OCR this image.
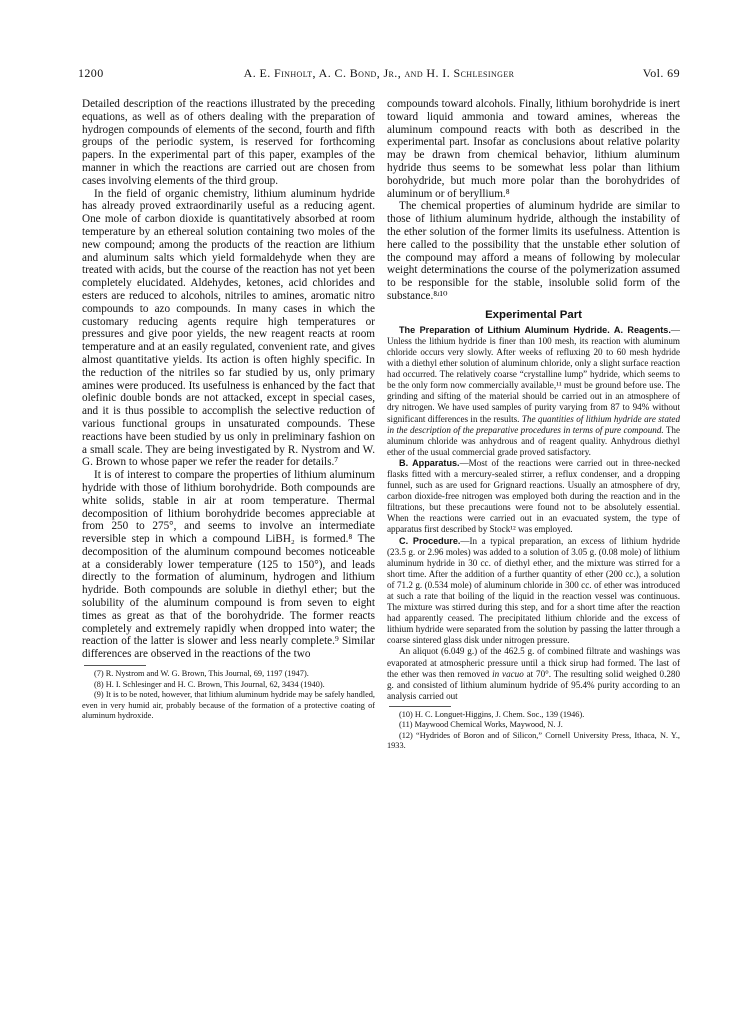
1200	A. E. Finholt, A. C. Bond, Jr., and H. I. Schlesinger	Vol. 69

Detailed description of the reactions illustrated by the preceding equations, as well as of others dealing with the preparation of hydrogen compounds of elements of the second, fourth and fifth groups of the periodic system, is reserved for forthcoming papers. In the experimental part of this paper, examples of the manner in which the reactions are carried out are chosen from cases involving elements of the third group.

In the field of organic chemistry, lithium aluminum hydride has already proved extraordinarily useful as a reducing agent. One mole of carbon dioxide is quantitatively absorbed at room temperature by an ethereal solution containing two moles of the new compound; among the products of the reaction are lithium and aluminum salts which yield formaldehyde when they are treated with acids, but the course of the reaction has not yet been completely elucidated. Aldehydes, ketones, acid chlorides and esters are reduced to alcohols, nitriles to amines, aromatic nitro compounds to azo compounds. In many cases in which the customary reducing agents require high temperatures or pressures and give poor yields, the new reagent reacts at room temperature and at an easily regulated, convenient rate, and gives almost quantitative yields. Its action is often highly specific. In the reduction of the nitriles so far studied by us, only primary amines were produced. Its usefulness is enhanced by the fact that olefinic double bonds are not attacked, except in special cases, and it is thus possible to accomplish the selective reduction of various functional groups in unsaturated compounds. These reactions have been studied by us only in preliminary fashion on a small scale. They are being investigated by R. Nystrom and W. G. Brown to whose paper we refer the reader for details.⁷

It is of interest to compare the properties of lithium aluminum hydride with those of lithium borohydride. Both compounds are white solids, stable in air at room temperature. Thermal decomposition of lithium borohydride becomes appreciable at from 250 to 275°, and seems to involve an intermediate reversible step in which a compound LiBH₂ is formed.⁸ The decomposition of the aluminum compound becomes noticeable at a considerably lower temperature (125 to 150°), and leads directly to the formation of aluminum, hydrogen and lithium hydride. Both compounds are soluble in diethyl ether; but the solubility of the aluminum compound is from seven to eight times as great as that of the borohydride. The former reacts completely and extremely rapidly when dropped into water; the reaction of the latter is slower and less nearly complete.⁹ Similar differences are observed in the reactions of the two

(7) R. Nystrom and W. G. Brown, This Journal, 69, 1197 (1947).

(8) H. I. Schlesinger and H. C. Brown, This Journal, 62, 3434 (1940).

(9) It is to be noted, however, that lithium aluminum hydride may be safely handled, even in very humid air, probably because of the formation of a protective coating of aluminum hydroxide.

compounds toward alcohols. Finally, lithium borohydride is inert toward liquid ammonia and toward amines, whereas the aluminum compound reacts with both as described in the experimental part. Insofar as conclusions about relative polarity may be drawn from chemical behavior, lithium aluminum hydride thus seems to be somewhat less polar than lithium borohydride, but much more polar than the borohydrides of aluminum or of beryllium.⁸

The chemical properties of aluminum hydride are similar to those of lithium aluminum hydride, although the instability of the ether solution of the former limits its usefulness. Attention is here called to the possibility that the unstable ether solution of the compound may afford a means of following by molecular weight determinations the course of the polymerization assumed to be responsible for the stable, insoluble solid form of the substance.⁸ʴ¹⁰

Experimental Part

The Preparation of Lithium Aluminum Hydride. A. Reagents.—Unless the lithium hydride is finer than 100 mesh, its reaction with aluminum chloride occurs very slowly. After weeks of refluxing 20 to 60 mesh hydride with a diethyl ether solution of aluminum chloride, only a slight surface reaction had occurred. The relatively coarse “crystalline lump” hydride, which seems to be the only form now commercially available,¹¹ must be ground before use. The grinding and sifting of the material should be carried out in an atmosphere of dry nitrogen. We have used samples of purity varying from 87 to 94% without significant differences in the results. The quantities of lithium hydride are stated in the description of the preparative procedures in terms of pure compound. The aluminum chloride was anhydrous and of reagent quality. Anhydrous diethyl ether of the usual commercial grade proved satisfactory.

B. Apparatus.—Most of the reactions were carried out in three-necked flasks fitted with a mercury-sealed stirrer, a reflux condenser, and a dropping funnel, such as are used for Grignard reactions. Usually an atmosphere of dry, carbon dioxide-free nitrogen was employed both during the reaction and in the filtrations, but these precautions were found not to be absolutely essential. When the reactions were carried out in an evacuated system, the type of apparatus first described by Stock¹² was employed.

C. Procedure.—In a typical preparation, an excess of lithium hydride (23.5 g. or 2.96 moles) was added to a solution of 3.05 g. (0.08 mole) of lithium aluminum hydride in 30 cc. of diethyl ether, and the mixture was stirred for a short time. After the addition of a further quantity of ether (200 cc.), a solution of 71.2 g. (0.534 mole) of aluminum chloride in 300 cc. of ether was introduced at such a rate that boiling of the liquid in the reaction vessel was continuous. The mixture was stirred during this step, and for a short time after the reaction had apparently ceased. The precipitated lithium chloride and the excess of lithium hydride were separated from the solution by passing the latter through a coarse sintered glass disk under nitrogen pressure.

An aliquot (6.049 g.) of the 462.5 g. of combined filtrate and washings was evaporated at atmospheric pressure until a thick sirup had formed. The last of the ether was then removed in vacuo at 70°. The resulting solid weighed 0.280 g. and consisted of lithium aluminum hydride of 95.4% purity according to an analysis carried out

(10) H. C. Longuet-Higgins, J. Chem. Soc., 139 (1946).

(11) Maywood Chemical Works, Maywood, N. J.

(12) “Hydrides of Boron and of Silicon,” Cornell University Press, Ithaca, N. Y., 1933.
